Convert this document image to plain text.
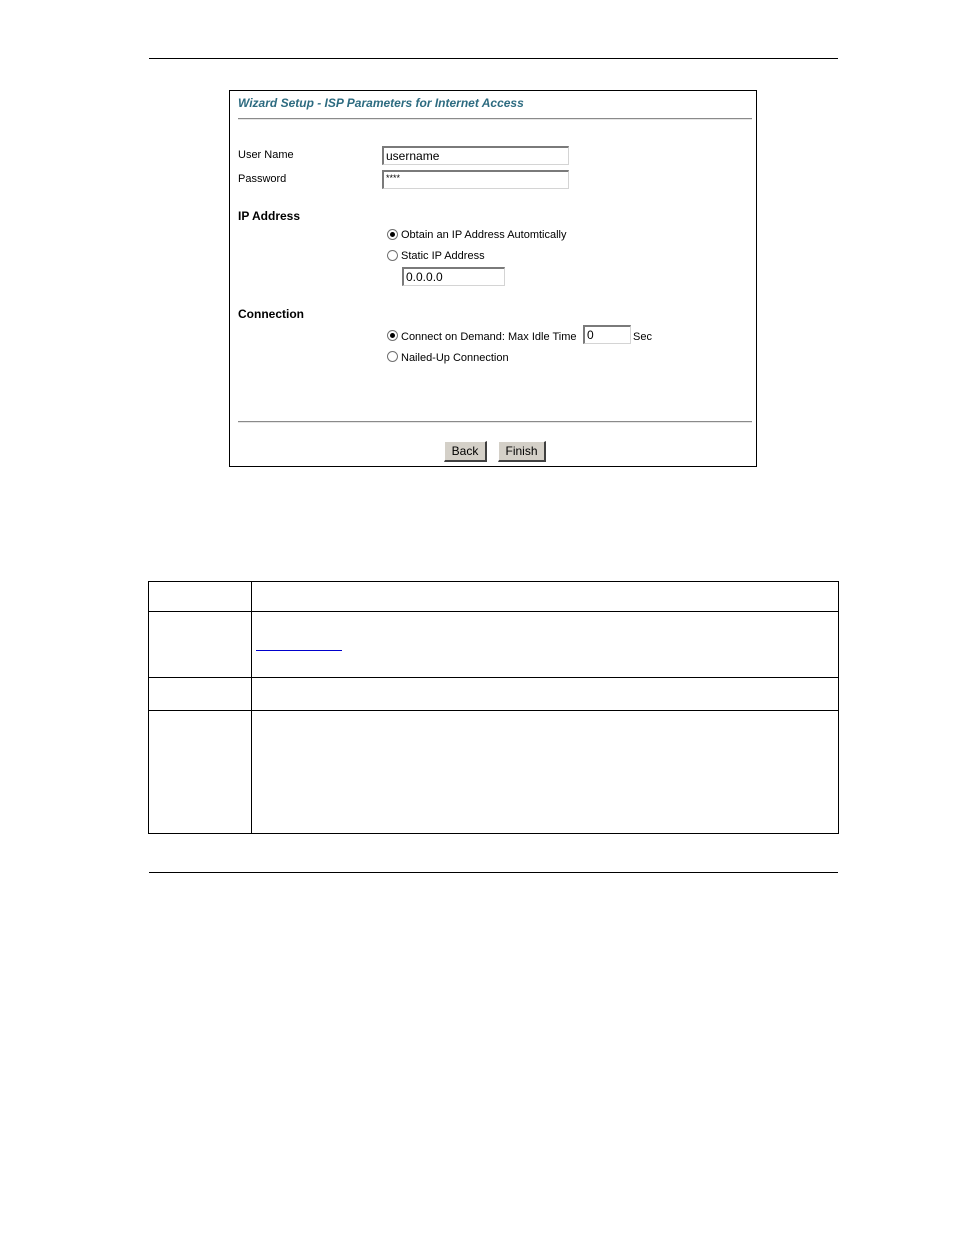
Wizard Setup - ISP Parameters for Internet Access
User Name	username
Password	****
IP Address
Obtain an IP Address Automtically
Static IP Address
0.0.0.0
Connection
Connect on Demand: Max Idle Time 0	Sec
Nailed-Up Connection
Back	Finish
